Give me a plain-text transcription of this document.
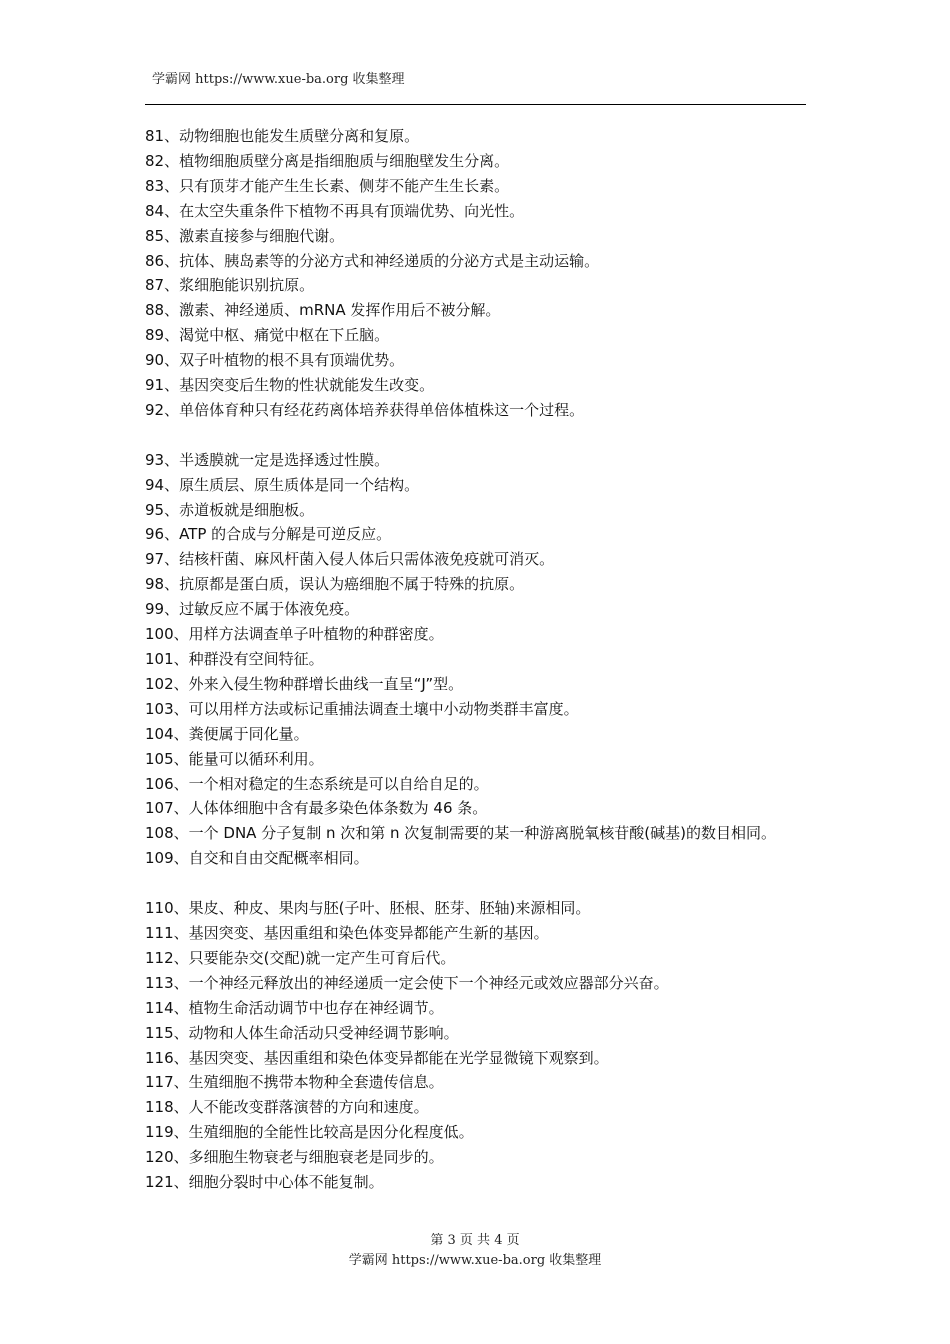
学霸网 https://www.xue-ba.org 收集整理

81、动物细胞也能发生质壁分离和复原。

82、植物细胞质壁分离是指细胞质与细胞壁发生分离。

83、只有顶芽才能产生生长素、侧芽不能产生生长素。

84、在太空失重条件下植物不再具有顶端优势、向光性。

85、激素直接参与细胞代谢。

86、抗体、胰岛素等的分泌方式和神经递质的分泌方式是主动运输。

87、浆细胞能识别抗原。

88、激素、神经递质、mRNA 发挥作用后不被分解。

89、渴觉中枢、痛觉中枢在下丘脑。

90、双子叶植物的根不具有顶端优势。

91、基因突变后生物的性状就能发生改变。

92、单倍体育种只有经花药离体培养获得单倍体植株这一个过程。

93、半透膜就一定是选择透过性膜。

94、原生质层、原生质体是同一个结构。

95、赤道板就是细胞板。

96、ATP 的合成与分解是可逆反应。

97、结核杆菌、麻风杆菌入侵人体后只需体液免疫就可消灭。

98、抗原都是蛋白质，误认为癌细胞不属于特殊的抗原。

99、过敏反应不属于体液免疫。

100、用样方法调查单子叶植物的种群密度。

101、种群没有空间特征。

102、外来入侵生物种群增长曲线一直呈“J”型。

103、可以用样方法或标记重捕法调查土壤中小动物类群丰富度。

104、粪便属于同化量。

105、能量可以循环利用。

106、一个相对稳定的生态系统是可以自给自足的。

107、人体体细胞中含有最多染色体条数为 46 条。

108、一个 DNA 分子复制 n 次和第 n 次复制需要的某一种游离脱氧核苷酸(碱基)的数目相同。

109、自交和自由交配概率相同。

110、果皮、种皮、果肉与胚(子叶、胚根、胚芽、胚轴)来源相同。

111、基因突变、基因重组和染色体变异都能产生新的基因。

112、只要能杂交(交配)就一定产生可育后代。

113、一个神经元释放出的神经递质一定会使下一个神经元或效应器部分兴奋。

114、植物生命活动调节中也存在神经调节。

115、动物和人体生命活动只受神经调节影响。

116、基因突变、基因重组和染色体变异都能在光学显微镜下观察到。

117、生殖细胞不携带本物种全套遗传信息。

118、人不能改变群落演替的方向和速度。

119、生殖细胞的全能性比较高是因分化程度低。

120、多细胞生物衰老与细胞衰老是同步的。

121、细胞分裂时中心体不能复制。

第 3 页 共 4 页
学霸网 https://www.xue-ba.org 收集整理
